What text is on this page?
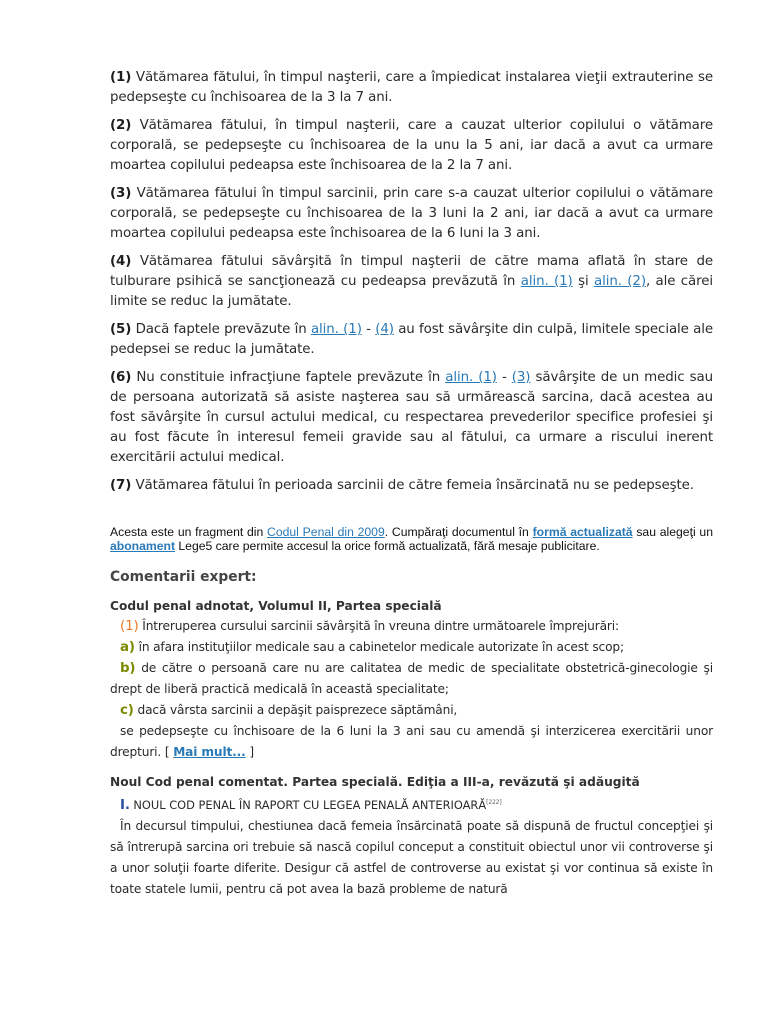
(1) Vătămarea fătului, în timpul naşterii, care a împiedicat instalarea vieţii extrauterine se pedepseşte cu închisoarea de la 3 la 7 ani.

(2) Vătămarea fătului, în timpul naşterii, care a cauzat ulterior copilului o vătămare corporală, se pedepseşte cu închisoarea de la unu la 5 ani, iar dacă a avut ca urmare moartea copilului pedeapsa este închisoarea de la 2 la 7 ani.

(3) Vătămarea fătului în timpul sarcinii, prin care s-a cauzat ulterior copilului o vătămare corporală, se pedepseşte cu închisoarea de la 3 luni la 2 ani, iar dacă a avut ca urmare moartea copilului pedeapsa este închisoarea de la 6 luni la 3 ani.

(4) Vătămarea fătului săvârşită în timpul naşterii de către mama aflată în stare de tulburare psihică se sancţionează cu pedeapsa prevăzută în alin. (1) şi alin. (2), ale cărei limite se reduc la jumătate.

(5) Dacă faptele prevăzute în alin. (1) - (4) au fost săvârşite din culpă, limitele speciale ale pedepsei se reduc la jumătate.

(6) Nu constituie infracţiune faptele prevăzute în alin. (1) - (3) săvârşite de un medic sau de persoana autorizată să asiste naşterea sau să urmărească sarcina, dacă acestea au fost săvârşite în cursul actului medical, cu respectarea prevederilor specifice profesiei şi au fost făcute în interesul femeii gravide sau al fătului, ca urmare a riscului inerent exercitării actului medical.

(7) Vătămarea fătului în perioada sarcinii de către femeia însărcinată nu se pedepseşte.

Acesta este un fragment din Codul Penal din 2009. Cumpăraţi documentul în formă actualizată sau alegeţi un abonament Lege5 care permite accesul la orice formă actualizată, fără mesaje publicitare.

Comentarii expert:
Codul penal adnotat, Volumul II, Partea specială

(1) Întreruperea cursului sarcinii săvârşită în vreuna dintre următoarele împrejurări:

a) în afara instituţiilor medicale sau a cabinetelor medicale autorizate în acest scop;

b) de către o persoană care nu are calitatea de medic de specialitate obstetrică-ginecologie şi drept de liberă practică medicală în această specialitate;

c) dacă vârsta sarcinii a depăşit paisprezece săptămâni,

se pedepseşte cu închisoare de la 6 luni la 3 ani sau cu amendă şi interzicerea exercitării unor drepturi. [ Mai mult... ]

Noul Cod penal comentat. Partea specială. Ediţia a III-a, revăzută şi adăugită

I. NOUL COD PENAL ÎN RAPORT CU LEGEA PENALĂ ANTERIOARĂ[222]

În decursul timpului, chestiunea dacă femeia însărcinată poate să dispună de fructul concepţiei şi să întrerupă sarcina ori trebuie să nască copilul conceput a constituit obiectul unor vii controverse şi a unor soluţii foarte diferite. Desigur că astfel de controverse au existat şi vor continua să existe în toate statele lumii, pentru că pot avea la bază probleme de natură
